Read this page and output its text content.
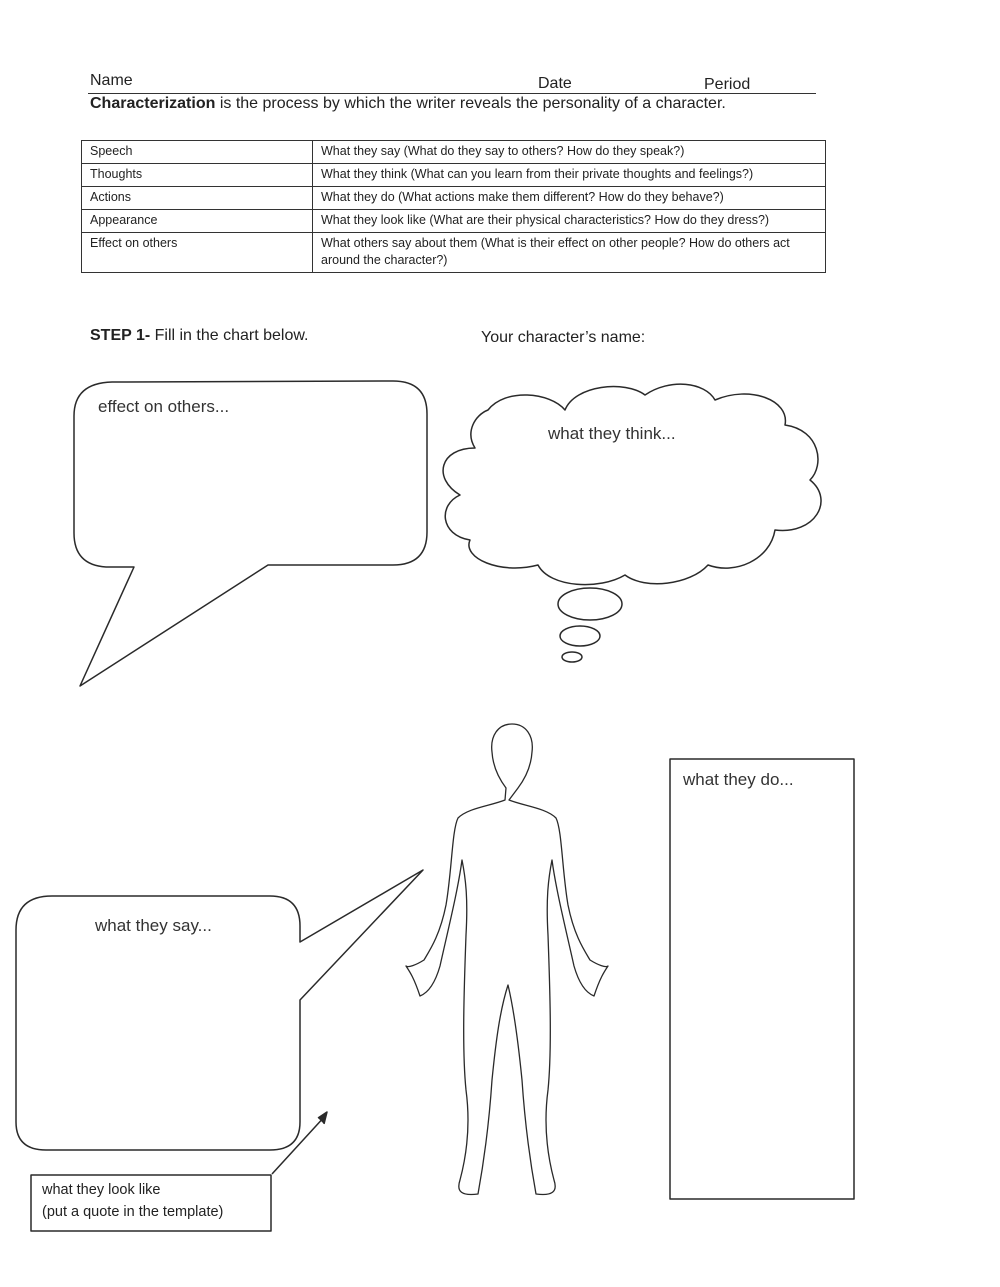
Name	Date	Period
Characterization is the process by which the writer reveals the personality of a character.
Speech	What they say (What do they say to others? How do they speak?)
Thoughts	What they think (What can you learn from their private thoughts and feelings?)
Actions	What they do (What actions make them different? How do they behave?)
Appearance	What they look like (What are their physical characteristics? How do they dress?)
Effect on others	What others say about them (What is their effect on other people? How do others act around the character?)
STEP 1- Fill in the chart below.	Your character’s name:
effect on others...
what they think...
what they do...
what they say...
what they look like
(put a quote in the template)
